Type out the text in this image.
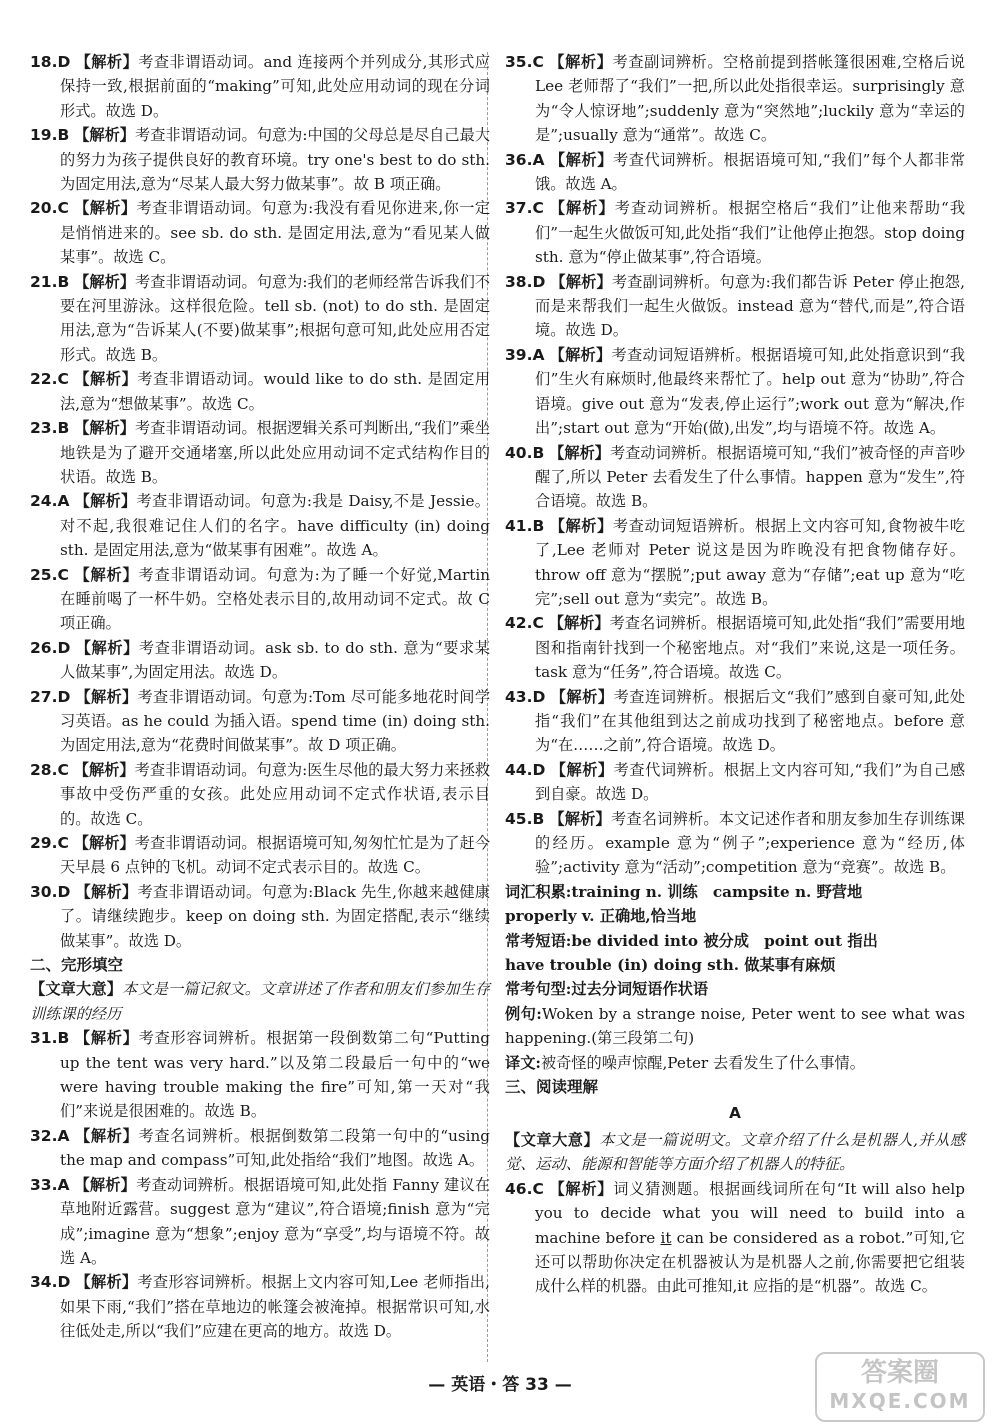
18.D 【解析】考查非谓语动词。and 连接两个并列成分,其形式应保持一致,根据前面的“making”可知,此处应用动词的现在分词形式。故选 D。

19.B 【解析】考查非谓语动词。句意为:中国的父母总是尽自己最大的努力为孩子提供良好的教育环境。try one's best to do sth. 为固定用法,意为“尽某人最大努力做某事”。故 B 项正确。

20.C 【解析】考查非谓语动词。句意为:我没有看见你进来,你一定是悄悄进来的。see sb. do sth. 是固定用法,意为“看见某人做某事”。故选 C。

21.B 【解析】考查非谓语动词。句意为:我们的老师经常告诉我们不要在河里游泳。这样很危险。tell sb. (not) to do sth. 是固定用法,意为“告诉某人(不要)做某事”;根据句意可知,此处应用否定形式。故选 B。

22.C 【解析】考查非谓语动词。would like to do sth. 是固定用法,意为“想做某事”。故选 C。

23.B 【解析】考查非谓语动词。根据逻辑关系可判断出,“我们”乘坐地铁是为了避开交通堵塞,所以此处应用动词不定式结构作目的状语。故选 B。

24.A 【解析】考查非谓语动词。句意为:我是 Daisy,不是 Jessie。对不起,我很难记住人们的名字。have difficulty (in) doing sth. 是固定用法,意为“做某事有困难”。故选 A。

25.C 【解析】考查非谓语动词。句意为:为了睡一个好觉,Martin 在睡前喝了一杯牛奶。空格处表示目的,故用动词不定式。故 C 项正确。

26.D 【解析】考查非谓语动词。ask sb. to do sth. 意为“要求某人做某事”,为固定用法。故选 D。

27.D 【解析】考查非谓语动词。句意为:Tom 尽可能多地花时间学习英语。as he could 为插入语。spend time (in) doing sth. 为固定用法,意为“花费时间做某事”。故 D 项正确。

28.C 【解析】考查非谓语动词。句意为:医生尽他的最大努力来拯救事故中受伤严重的女孩。此处应用动词不定式作状语,表示目的。故选 C。

29.C 【解析】考查非谓语动词。根据语境可知,匆匆忙忙是为了赶今天早晨 6 点钟的飞机。动词不定式表示目的。故选 C。

30.D 【解析】考查非谓语动词。句意为:Black 先生,你越来越健康了。请继续跑步。keep on doing sth. 为固定搭配,表示“继续做某事”。故选 D。

二、完形填空

【文章大意】本文是一篇记叙文。文章讲述了作者和朋友们参加生存训练课的经历

31.B 【解析】考查形容词辨析。根据第一段倒数第二句“Putting up the tent was very hard.”以及第二段最后一句中的“we were having trouble making the fire”可知,第一天对“我们”来说是很困难的。故选 B。

32.A 【解析】考查名词辨析。根据倒数第二段第一句中的“using the map and compass”可知,此处指给“我们”地图。故选 A。

33.A 【解析】考查动词辨析。根据语境可知,此处指 Fanny 建议在草地附近露营。suggest 意为“建议”,符合语境;finish 意为“完成”;imagine 意为“想象”;enjoy 意为“享受”,均与语境不符。故选 A。

34.D 【解析】考查形容词辨析。根据上文内容可知,Lee 老师指出,如果下雨,“我们”搭在草地边的帐篷会被淹掉。根据常识可知,水往低处走,所以“我们”应建在更高的地方。故选 D。

35.C 【解析】考查副词辨析。空格前提到搭帐篷很困难,空格后说 Lee 老师帮了“我们”一把,所以此处指很幸运。surprisingly 意为“令人惊讶地”;suddenly 意为“突然地”;luckily 意为“幸运的是”;usually 意为“通常”。故选 C。

36.A 【解析】考查代词辨析。根据语境可知,“我们”每个人都非常饿。故选 A。

37.C 【解析】考查动词辨析。根据空格后“我们”让他来帮助“我们”一起生火做饭可知,此处指“我们”让他停止抱怨。stop doing sth. 意为“停止做某事”,符合语境。

38.D 【解析】考查副词辨析。句意为:我们都告诉 Peter 停止抱怨,而是来帮我们一起生火做饭。instead 意为“替代,而是”,符合语境。故选 D。

39.A 【解析】考查动词短语辨析。根据语境可知,此处指意识到“我们”生火有麻烦时,他最终来帮忙了。help out 意为“协助”,符合语境。give out 意为“发表,停止运行”;work out 意为“解决,作出”;start out 意为“开始(做),出发”,均与语境不符。故选 A。

40.B 【解析】考查动词辨析。根据语境可知,“我们”被奇怪的声音吵醒了,所以 Peter 去看发生了什么事情。happen 意为“发生”,符合语境。故选 B。

41.B 【解析】考查动词短语辨析。根据上文内容可知,食物被牛吃了,Lee 老师对 Peter 说这是因为昨晚没有把食物储存好。throw off 意为“摆脱”;put away 意为“存储”;eat up 意为“吃完”;sell out 意为“卖完”。故选 B。

42.C 【解析】考查名词辨析。根据语境可知,此处指“我们”需要用地图和指南针找到一个秘密地点。对“我们”来说,这是一项任务。task 意为“任务”,符合语境。故选 C。

43.D 【解析】考查连词辨析。根据后文“我们”感到自豪可知,此处指“我们”在其他组到达之前成功找到了秘密地点。before 意为“在……之前”,符合语境。故选 D。

44.D 【解析】考查代词辨析。根据上文内容可知,“我们”为自己感到自豪。故选 D。

45.B 【解析】考查名词辨析。本文记述作者和朋友参加生存训练课的经历。example 意为“例子”;experience 意为“经历,体验”;activity 意为“活动”;competition 意为“竞赛”。故选 B。

词汇积累:training n. 训练　campsite n. 野营地

properly v. 正确地,恰当地

常考短语:be divided into 被分成　point out 指出

have trouble (in) doing sth. 做某事有麻烦

常考句型:过去分词短语作状语

例句:Woken by a strange noise, Peter went to see what was happening.(第三段第二句)

译文:被奇怪的噪声惊醒,Peter 去看发生了什么事情。

三、阅读理解

A

【文章大意】本文是一篇说明文。文章介绍了什么是机器人,并从感觉、运动、能源和智能等方面介绍了机器人的特征。

46.C 【解析】词义猜测题。根据画线词所在句“It will also help you to decide what you will need to build into a machine before it can be considered as a robot.”可知,它还可以帮助你决定在机器被认为是机器人之前,你需要把它组装成什么样的机器。由此可推知,it 应指的是“机器”。故选 C。

— 英语・答 33 —	答案圈
MXQE.COM
